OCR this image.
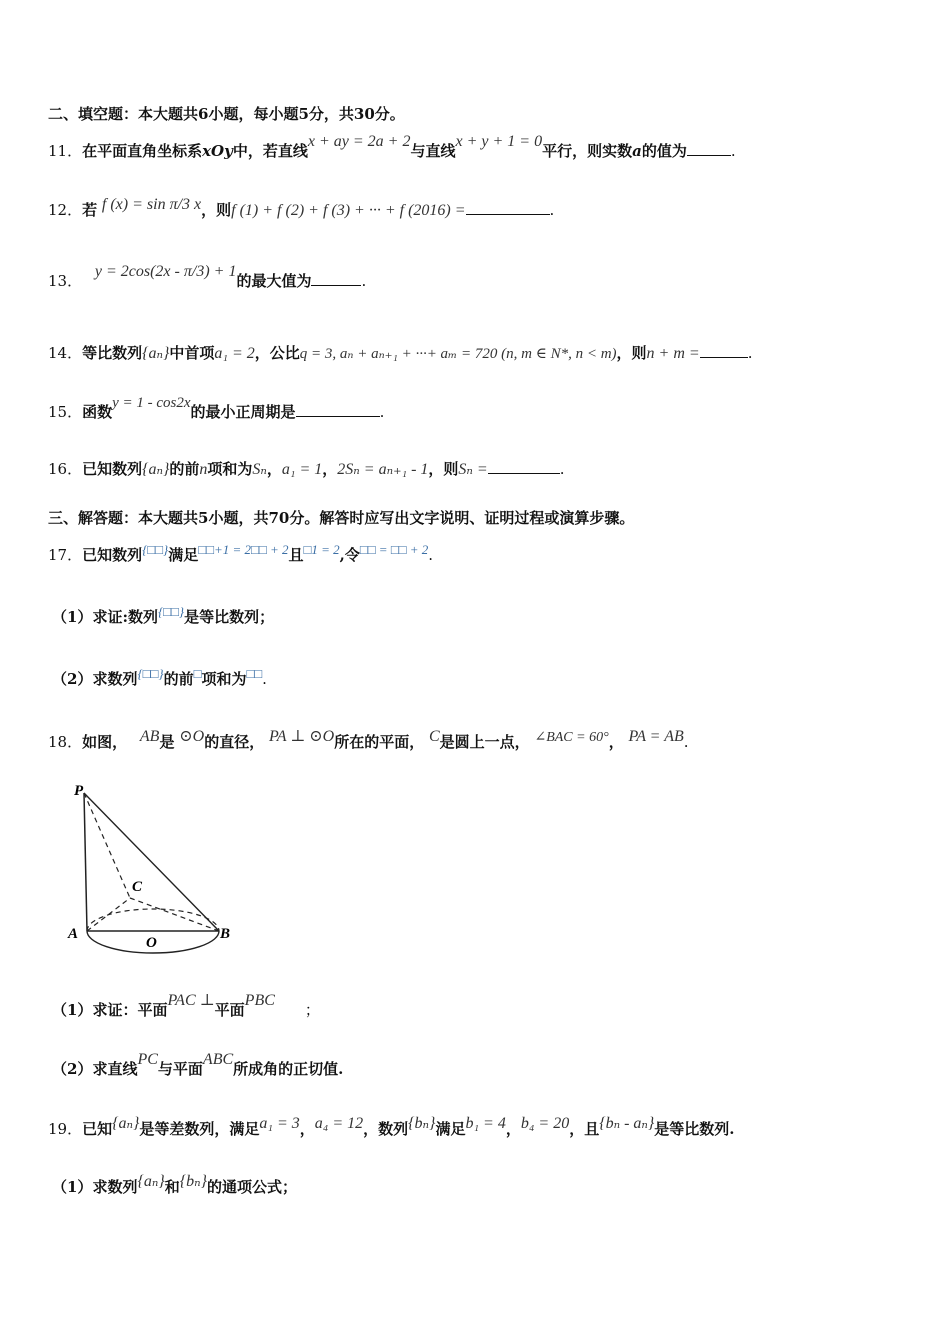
二、填空题：本大题共6小题，每小题5分，共30分。
11．在平面直角坐标系xOy中，若直线x + ay = 2a + 2与直线x + y + 1 = 0平行，则实数a的值为	.
12．若 f (x) = sin π/3 x，则f (1) + f (2) + f (3) + ··· + f (2016) =	.
13． y = 2cos(2x - π/3) + 1的最大值为	.
14．等比数列{aₙ}中首项a₁ = 2，公比q = 3, aₙ + aₙ₊₁ + ···+ aₘ = 720 (n, m ∈ N*, n < m)，则n + m =	.
15．函数y = 1 - cos2x的最小正周期是	.
16．已知数列{aₙ}的前n项和为Sₙ，a₁ = 1，2Sₙ = aₙ₊₁ - 1，则Sₙ =	.
三、解答题：本大题共5小题，共70分。解答时应写出文字说明、证明过程或演算步骤。
17．已知数列{□□}满足□□+1 = 2□□ + 2且□1 = 2,令□□ = □□ + 2.
（1）求证:数列{□□}是等比数列；
（2）求数列{□□}的前□项和为□□.
18．如图， AB是 ⊙O的直径， PA ⊥ ⊙O所在的平面， C是圆上一点， ∠BAC = 60°， PA = AB.
P
A	B
C
O
（1）求证：平面PAC ⊥平面PBC；
（2）求直线PC与平面ABC所成角的正切值.
19．已知{aₙ}是等差数列，满足a₁ = 3，a₄ = 12，数列{bₙ}满足b₁ = 4，b₄ = 20，且{bₙ - aₙ}是等比数列.
（1）求数列{aₙ}和{bₙ}的通项公式；
